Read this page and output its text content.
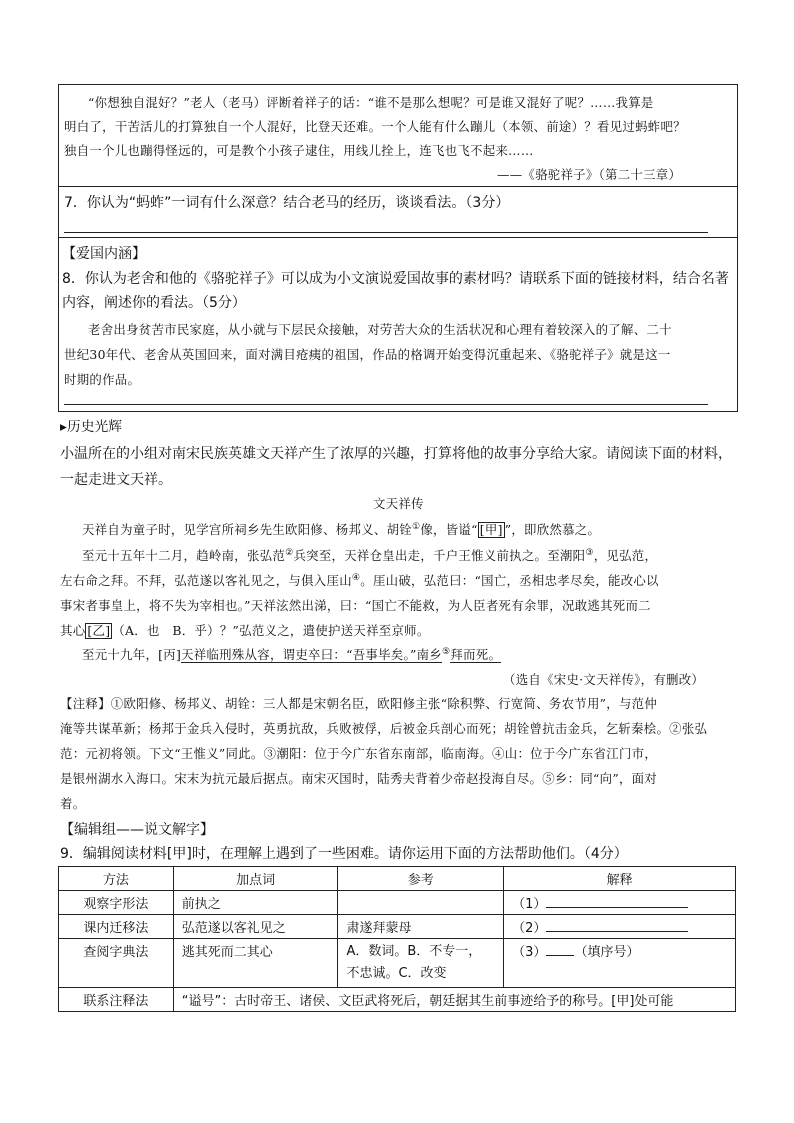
“你想独自混好？”老人（老马）评断着祥子的话：“谁不是那么想呢？可是谁又混好了呢？……我算是
明白了，干苦活儿的打算独自一个人混好，比登天还难。一个人能有什么蹦儿（本领、前途）？看见过蚂蚱吧？
独自一个儿也蹦得怪远的，可是教个小孩子逮住，用线儿拴上，连飞也飞不起来……
——《骆驼祥子》（第二十三章）
7．你认为“蚂蚱”一词有什么深意？结合老马的经历，谈谈看法。（3分）
【爱国内涵】
8．你认为老舍和他的《骆驼祥子》可以成为小文演说爱国故事的素材吗？请联系下面的链接材料，结合名著
内容，阐述你的看法。（5分）
老舍出身贫苦市民家庭，从小就与下层民众接触，对劳苦大众的生活状况和心理有着较深入的了解、二十
世纪30年代、老舍从英国回来，面对满目疮痍的祖国，作品的格调开始变得沉重起来、《骆驼祥子》就是这一
时期的作品。
▸历史光辉
小温所在的小组对南宋民族英雄文天祥产生了浓厚的兴趣，打算将他的故事分享给大家。请阅读下面的材料，
一起走进文天祥。
文天祥传
天祥自为童子时，见学宫所祠乡先生欧阳修、杨邦义、胡铨①像，皆谥“ [甲] ”，即欣然慕之。
至元十五年十二月，趋岭南，张弘范②兵突至，天祥仓皇出走，千户王惟义前执之。至潮阳③，见弘范，
左右命之拜。不拜，弘范遂以客礼见之，与俱入厓山④。厓山破，弘范曰：“国亡，丞相忠孝尽矣，能改心以
事宋者事皇上，将不失为宰相也。”天祥泫然出涕，曰：“国亡不能救，为人臣者死有余罪，况敢逃其死而二
其心 [乙] （A．也　B．乎）？”弘范义之，遣使护送天祥至京师。
至元十九年，[丙]天祥临刑殊从容，谓吏卒曰：“吾事毕矣。”南乡⑤拜而死。
（选自《宋史·文天祥传》，有删改）
【注释】①欧阳修、杨邦义、胡铨：三人都是宋朝名臣，欧阳修主张“除积弊、行宽简、务农节用”，与范仲
淹等共谋革新；杨邦于金兵入侵时，英勇抗敌，兵败被俘，后被金兵剖心而死；胡铨曾抗击金兵，乞斩秦桧。②张弘
范：元初将领。下文“王惟义”同此。③潮阳：位于今广东省东南部，临南海。④山：位于今广东省江门市，
是银州湖水入海口。宋末为抗元最后据点。南宋灭国时，陆秀夫背着少帝赵投海自尽。⑤乡：同“向”，面对
着。
【编辑组——说文解字】
9．编辑阅读材料[甲]时，在理解上遇到了一些困难。请你运用下面的方法帮助他们。（4分）
方法	加点词	参考	解释
观察字形法	前执之		（1）
课内迁移法	弘范遂以客礼见之	肃遂拜蒙母	（2）
查阅字典法	逃其死而二其心	A．数词。B．不专一，
不忠诚。C．改变	（3） （填序号）
联系注释法	“谥号”：古时帝王、诸侯、文臣武将死后，朝廷据其生前事迹给予的称号。[甲]处可能		
